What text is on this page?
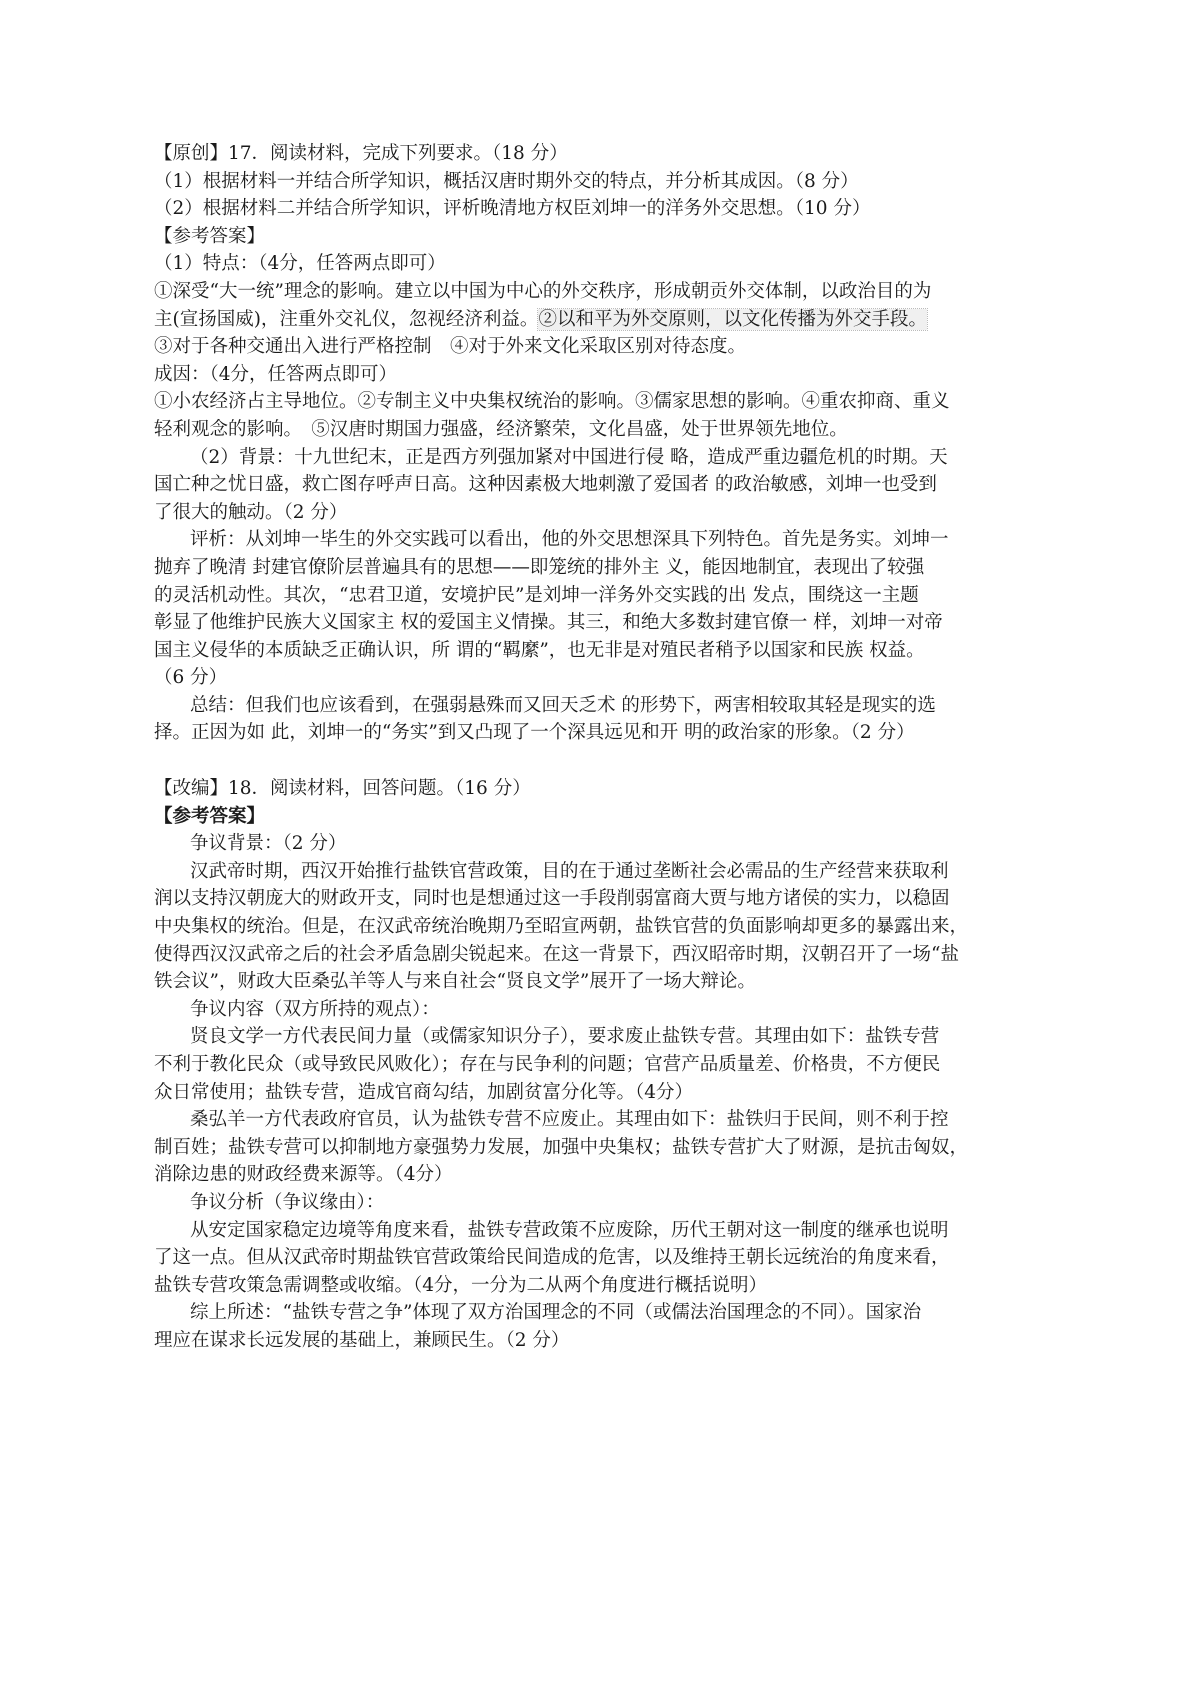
【原创】17．阅读材料，完成下列要求。（18 分）
（1）根据材料一并结合所学知识，概括汉唐时期外交的特点，并分析其成因。（8 分）
（2）根据材料二并结合所学知识，评析晚清地方权臣刘坤一的洋务外交思想。（10 分）
【参考答案】
（1）特点：（4分，任答两点即可）
①深受“大一统”理念的影响。建立以中国为中心的外交秩序，形成朝贡外交体制，以政治目的为
主(宣扬国威)，注重外交礼仪，忽视经济利益。②以和平为外交原则，以文化传播为外交手段。
③对于各种交通出入进行严格控制　④对于外来文化采取区别对待态度。
成因：（4分，任答两点即可）
①小农经济占主导地位。②专制主义中央集权统治的影响。③儒家思想的影响。④重农抑商、重义
轻利观念的影响。　⑤汉唐时期国力强盛，经济繁荣，文化昌盛，处于世界领先地位。
（2）背景：十九世纪末，正是西方列强加紧对中国进行侵 略，造成严重边疆危机的时期。天
国亡种之忧日盛，救亡图存呼声日高。这种因素极大地刺激了爱国者 的政治敏感，刘坤一也受到
了很大的触动。（2 分）
评析：从刘坤一毕生的外交实践可以看出，他的外交思想深具下列特色。首先是务实。刘坤一
抛弃了晚清 封建官僚阶层普遍具有的思想——即笼统的排外主 义，能因地制宜，表现出了较强
的灵活机动性。其次，“忠君卫道，安境护民”是刘坤一洋务外交实践的出 发点，围绕这一主题
彰显了他维护民族大义国家主 权的爱国主义情操。其三，和绝大多数封建官僚一 样，刘坤一对帝
国主义侵华的本质缺乏正确认识，所 谓的“羁縻”，也无非是对殖民者稍予以国家和民族 权益。
（6 分）
总结：但我们也应该看到，在强弱悬殊而又回天乏术 的形势下，两害相较取其轻是现实的选
择。正因为如 此，刘坤一的“务实”到又凸现了一个深具远见和开 明的政治家的形象。（2 分）
【改编】18．阅读材料，回答问题。（16 分）
【参考答案】
争议背景：（2 分）
汉武帝时期，西汉开始推行盐铁官营政策，目的在于通过垄断社会必需品的生产经营来获取利
润以支持汉朝庞大的财政开支，同时也是想通过这一手段削弱富商大贾与地方诸侯的实力，以稳固
中央集权的统治。但是，在汉武帝统治晚期乃至昭宣两朝，盐铁官营的负面影响却更多的暴露出来，
使得西汉汉武帝之后的社会矛盾急剧尖锐起来。在这一背景下，西汉昭帝时期，汉朝召开了一场“盐
铁会议”，财政大臣桑弘羊等人与来自社会“贤良文学”展开了一场大辩论。
争议内容（双方所持的观点）：
贤良文学一方代表民间力量（或儒家知识分子），要求废止盐铁专营。其理由如下：盐铁专营
不利于教化民众（或导致民风败化）；存在与民争利的问题；官营产品质量差、价格贵，不方便民
众日常使用；盐铁专营，造成官商勾结，加剧贫富分化等。（4分）
桑弘羊一方代表政府官员，认为盐铁专营不应废止。其理由如下：盐铁归于民间，则不利于控
制百姓；盐铁专营可以抑制地方豪强势力发展，加强中央集权；盐铁专营扩大了财源，是抗击匈奴，
消除边患的财政经费来源等。（4分）
争议分析（争议缘由）：
从安定国家稳定边境等角度来看，盐铁专营政策不应废除，历代王朝对这一制度的继承也说明
了这一点。但从汉武帝时期盐铁官营政策给民间造成的危害，以及维持王朝长远统治的角度来看，
盐铁专营攻策急需调整或收缩。（4分，一分为二从两个角度进行概括说明）
综上所述：“盐铁专营之争”体现了双方治国理念的不同（或儒法治国理念的不同）。国家治
理应在谋求长远发展的基础上，兼顾民生。（2 分）
